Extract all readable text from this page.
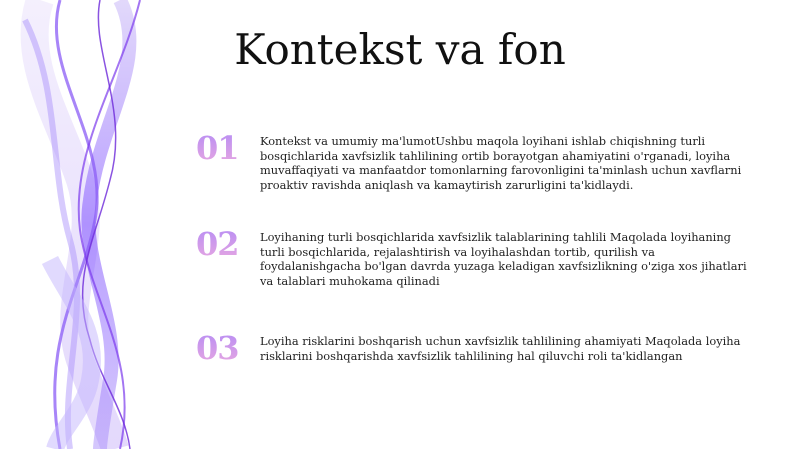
Kontekst va fon
01	Kontekst va umumiy ma'lumotUshbu maqola loyihani ishlab chiqishning turli bosqichlarida xavfsizlik tahlilining ortib borayotgan ahamiyatini o'rganadi, loyiha muvaffaqiyati va manfaatdor tomonlarning farovonligini ta'minlash uchun xavflarni proaktiv ravishda aniqlash va kamaytirish zarurligini ta'kidlaydi.
02	Loyihaning turli bosqichlarida xavfsizlik talablarining tahlili Maqolada loyihaning turli bosqichlarida, rejalashtirish va loyihalashdan tortib, qurilish va foydalanishgacha bo'lgan davrda yuzaga keladigan xavfsizlikning o'ziga xos jihatlari va talablari muhokama qilinadi
03	Loyiha risklarini boshqarish uchun xavfsizlik tahlilining ahamiyati Maqolada loyiha risklarini boshqarishda xavfsizlik tahlilining hal qiluvchi roli ta'kidlangan
